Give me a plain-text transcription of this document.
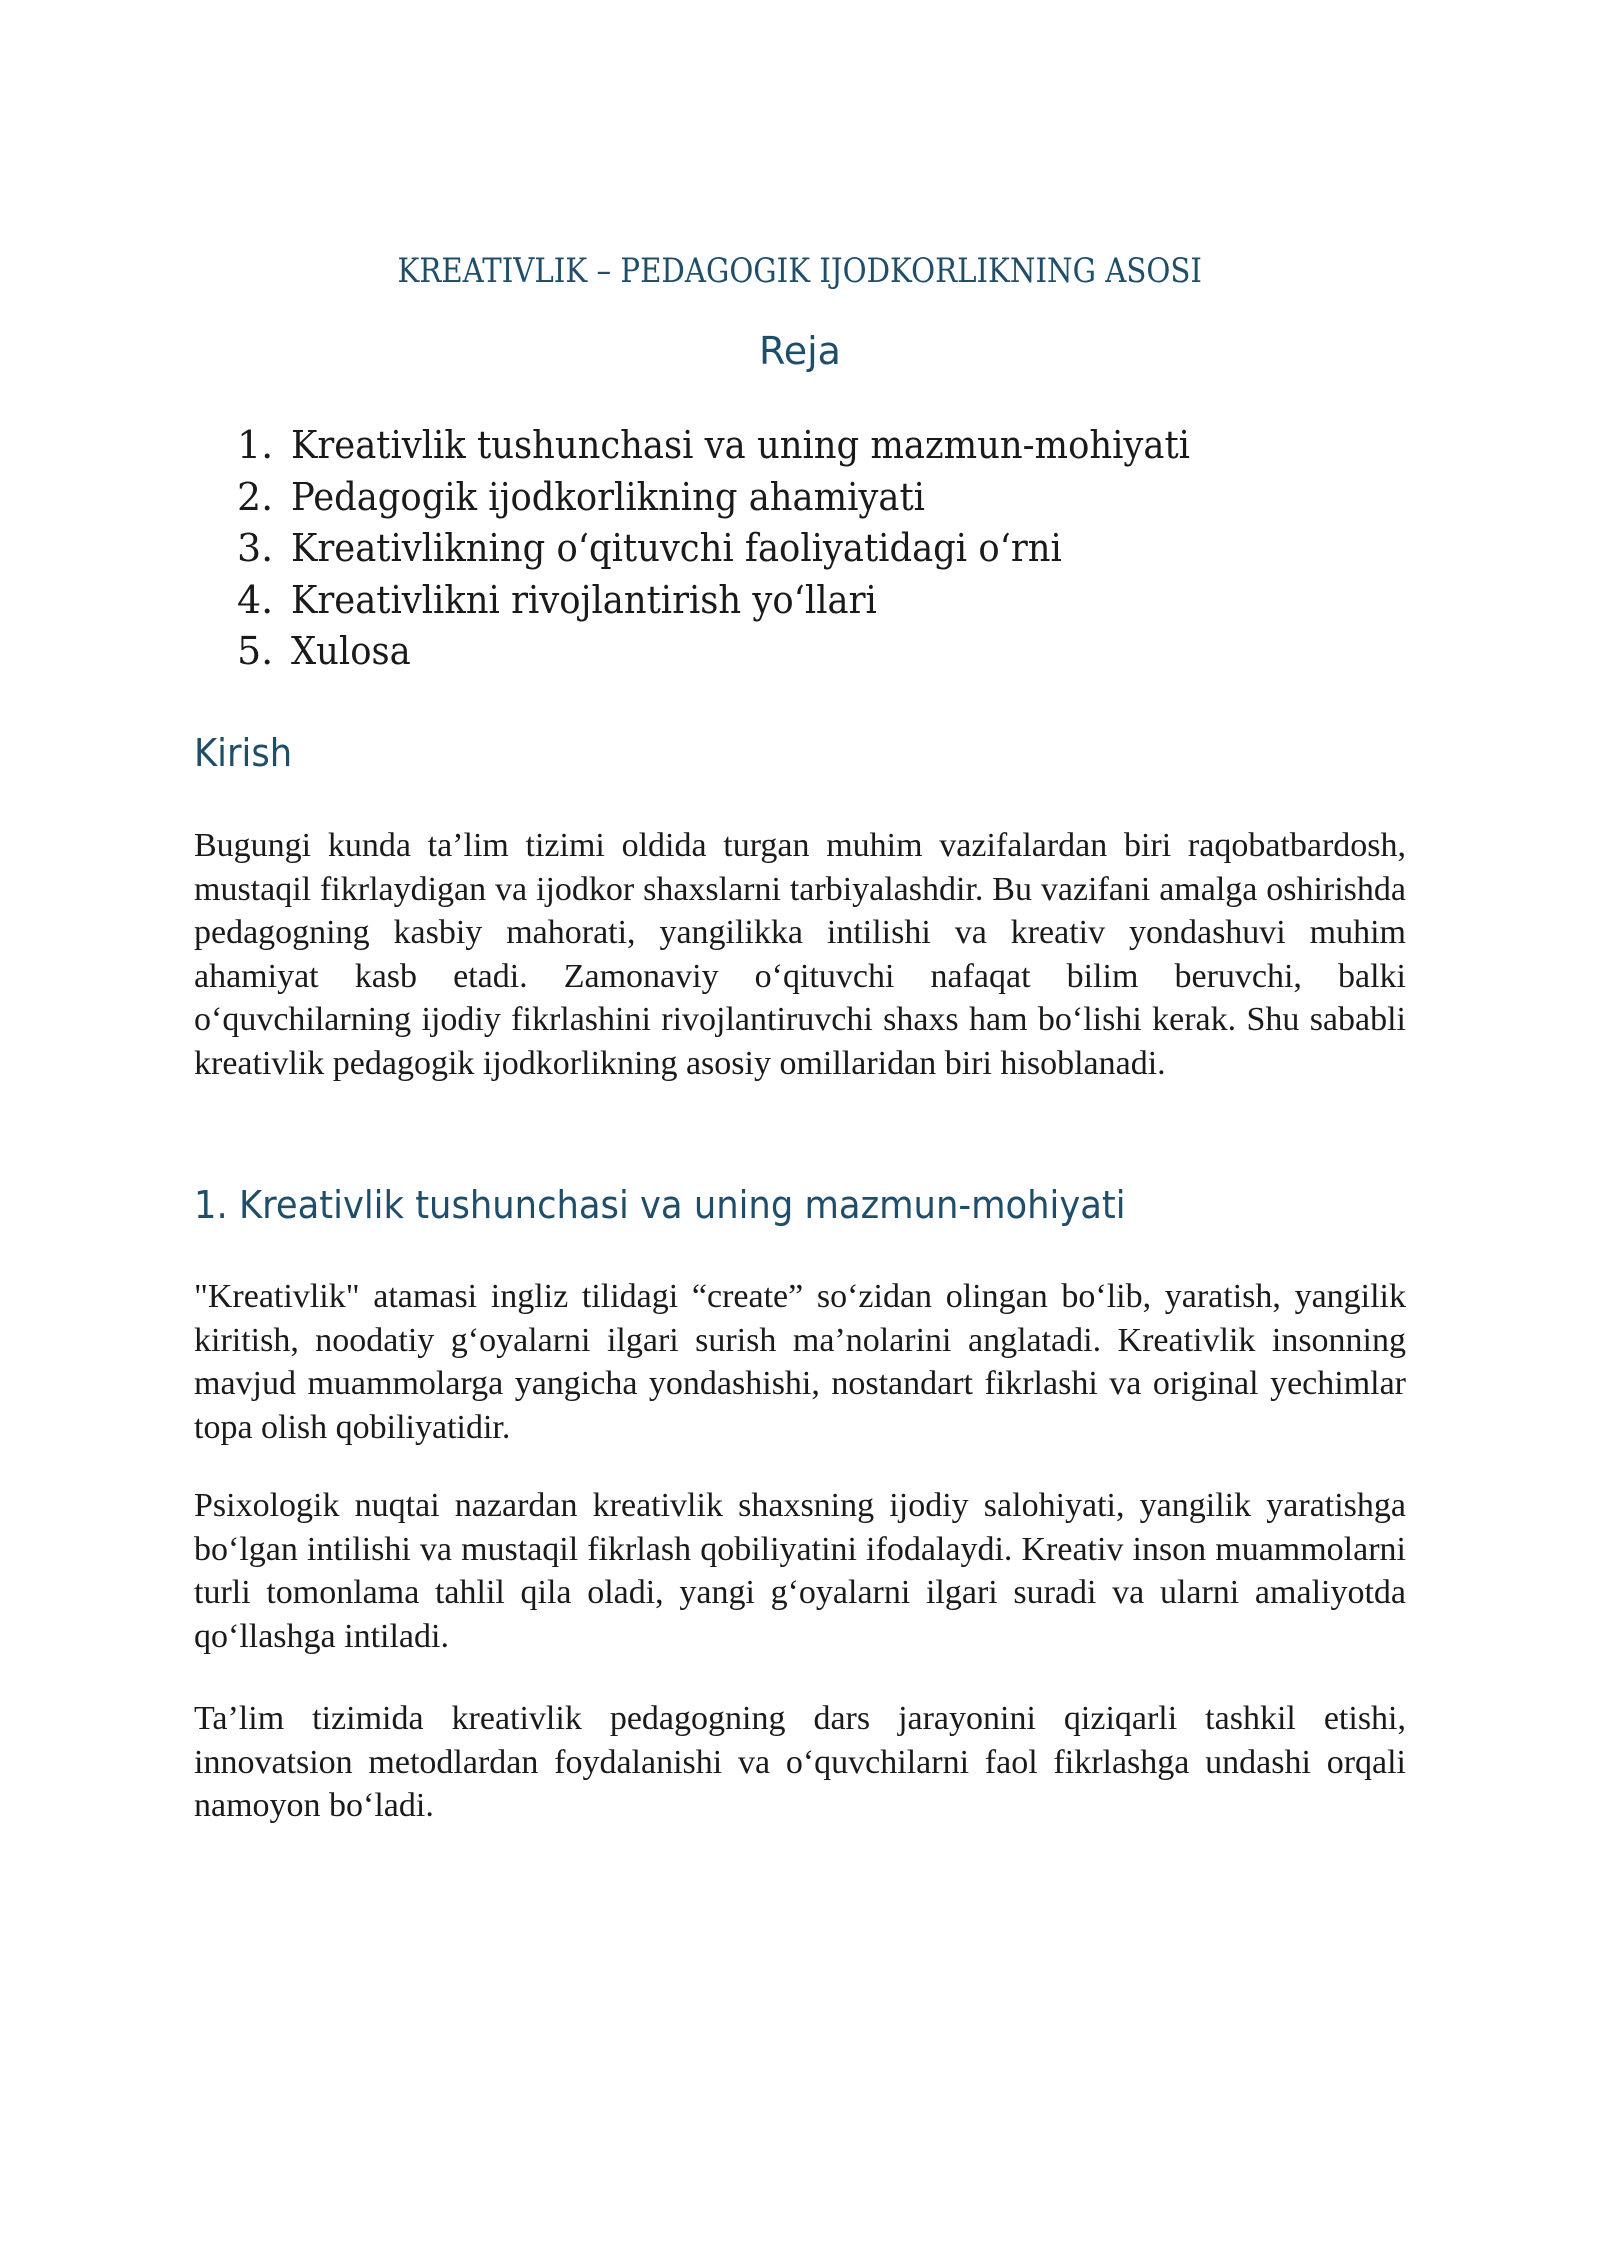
KREATIVLIK – PEDAGOGIK IJODKORLIKNING ASOSI
Reja
1. Kreativlik tushunchasi va uning mazmun-mohiyati
2. Pedagogik ijodkorlikning ahamiyati
3. Kreativlikning o‘qituvchi faoliyatidagi o‘rni
4. Kreativlikni rivojlantirish yo‘llari
5. Xulosa
Kirish

Bugungi kunda ta’lim tizimi oldida turgan muhim vazifalardan biri raqobatbardosh, mustaqil fikrlaydigan va ijodkor shaxslarni tarbiyalashdir. Bu vazifani amalga oshirishda pedagogning kasbiy mahorati, yangilikka intilishi va kreativ yondashuvi muhim ahamiyat kasb etadi. Zamonaviy o‘qituvchi nafaqat bilim beruvchi, balki o‘quvchilarning ijodiy fikrlashini rivojlantiruvchi shaxs ham bo‘lishi kerak. Shu sababli kreativlik pedagogik ijodkorlikning asosiy omillaridan biri hisoblanadi.

1. Kreativlik tushunchasi va uning mazmun-mohiyati

"Kreativlik" atamasi ingliz tilidagi “create” so‘zidan olingan bo‘lib, yaratish, yangilik kiritish, noodatiy g‘oyalarni ilgari surish ma’nolarini anglatadi. Kreativlik insonning mavjud muammolarga yangicha yondashishi, nostandart fikrlashi va original yechimlar topa olish qobiliyatidir.

Psixologik nuqtai nazardan kreativlik shaxsning ijodiy salohiyati, yangilik yaratishga bo‘lgan intilishi va mustaqil fikrlash qobiliyatini ifodalaydi. Kreativ inson muammolarni turli tomonlama tahlil qila oladi, yangi g‘oyalarni ilgari suradi va ularni amaliyotda qo‘llashga intiladi.

Ta’lim tizimida kreativlik pedagogning dars jarayonini qiziqarli tashkil etishi, innovatsion metodlardan foydalanishi va o‘quvchilarni faol fikrlashga undashi orqali namoyon bo‘ladi.
